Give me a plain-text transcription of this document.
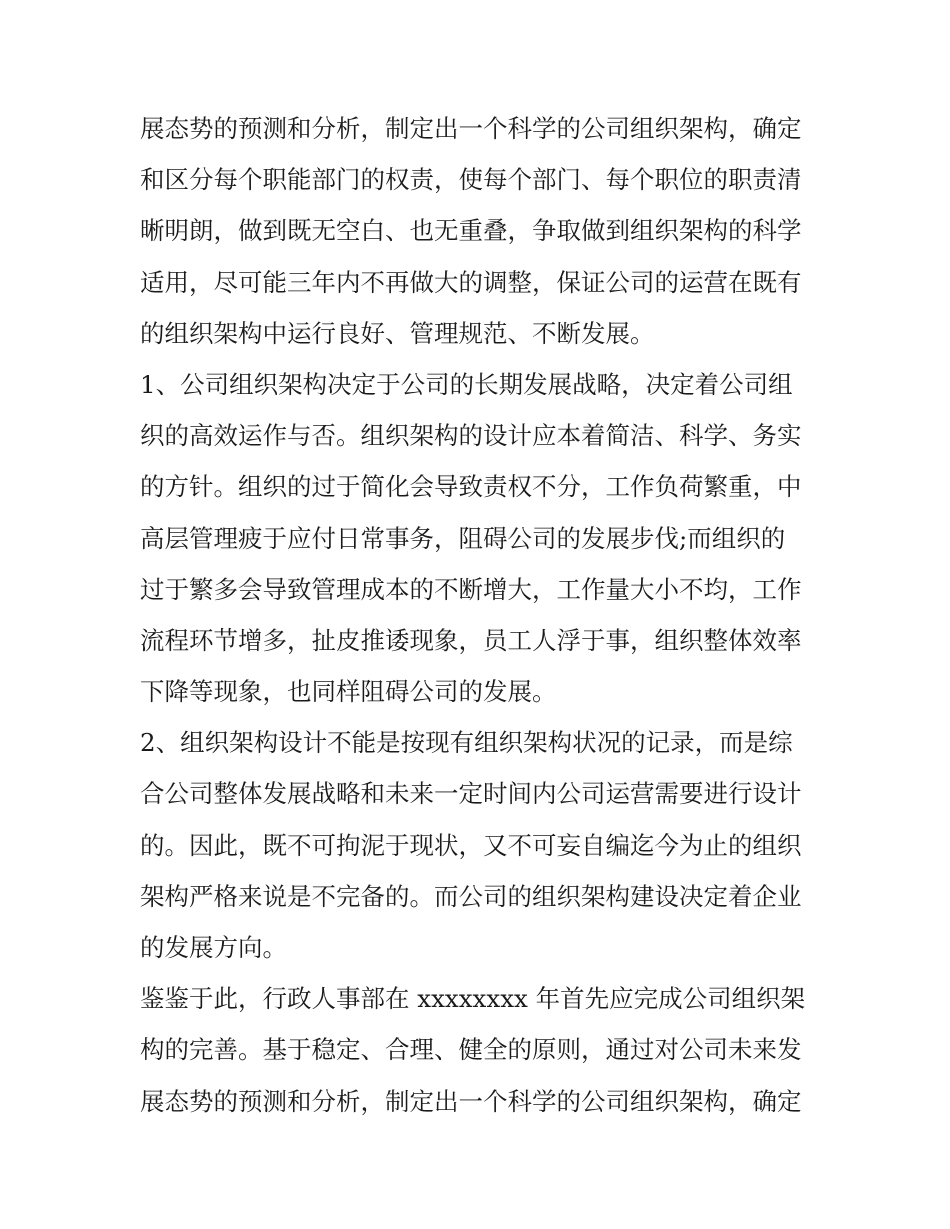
展态势的预测和分析，制定出一个科学的公司组织架构，确定
和区分每个职能部门的权责，使每个部门、每个职位的职责清
晰明朗，做到既无空白、也无重叠，争取做到组织架构的科学
适用，尽可能三年内不再做大的调整，保证公司的运营在既有
的组织架构中运行良好、管理规范、不断发展。
1、公司组织架构决定于公司的长期发展战略，决定着公司组
织的高效运作与否。组织架构的设计应本着简洁、科学、务实
的方针。组织的过于简化会导致责权不分，工作负荷繁重，中
高层管理疲于应付日常事务，阻碍公司的发展步伐;而组织的
过于繁多会导致管理成本的不断增大，工作量大小不均，工作
流程环节增多，扯皮推诿现象，员工人浮于事，组织整体效率
下降等现象，也同样阻碍公司的发展。
2、组织架构设计不能是按现有组织架构状况的记录，而是综
合公司整体发展战略和未来一定时间内公司运营需要进行设计
的。因此，既不可拘泥于现状，又不可妄自编迄今为止的组织
架构严格来说是不完备的。而公司的组织架构建设决定着企业
的发展方向。
鉴鉴于此，行政人事部在 xxxxxxxx 年首先应完成公司组织架
构的完善。基于稳定、合理、健全的原则，通过对公司未来发
展态势的预测和分析，制定出一个科学的公司组织架构，确定
